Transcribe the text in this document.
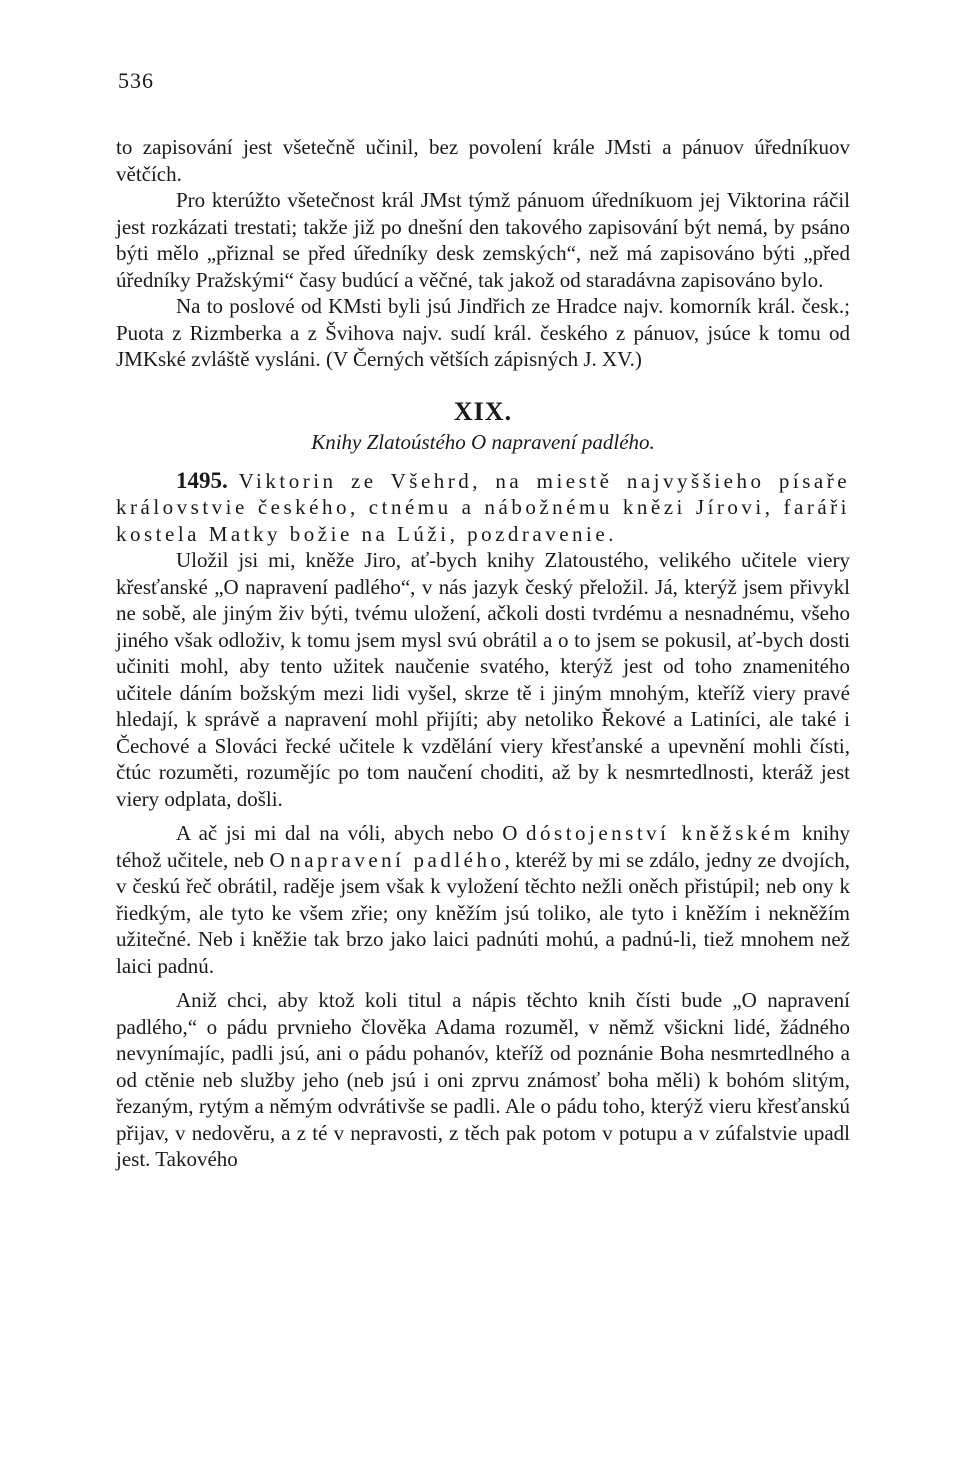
536

to zapisování jest všetečně učinil, bez povolení krále JMsti a pánuov úředníkuov větčích.

Pro kterúžto všetečnost král JMst týmž pánuom úředníkuom jej Viktorina ráčil jest rozkázati trestati; takže již po dnešní den takového zapisování být nemá, by psáno býti mělo „přiznal se před úředníky desk zemských“, než má zapisováno býti „před úředníky Pražskými“ časy budúcí a věčné, tak jakož od staradávna zapisováno bylo.

Na to poslové od KMsti byli jsú Jindřich ze Hradce najv. komorník král. česk.; Puota z Rizmberka a z Švihova najv. sudí král. českého z pánuov, jsúce k tomu od JMKské zvláště vysláni. (V Černých větších zápisných J. XV.)

XIX.
Knihy Zlatoústého O napravení padlého.

1495. Viktorin ze Všehrd, na miestě najvyššieho písaře královstvie českého, ctnému a nábožnému knězi Jírovi, faráři kostela Matky božie na Lúži, pozdravenie.

Uložil jsi mi, kněže Jiro, ať-bych knihy Zlatoustého, velikého učitele viery křesťanské „O napravení padlého“, v nás jazyk český přeložil. Já, kterýž jsem přivykl ne sobě, ale jiným živ býti, tvému uložení, ačkoli dosti tvrdému a nesnadnému, všeho jiného však odloživ, k tomu jsem mysl svú obrátil a o to jsem se pokusil, ať-bych dosti učiniti mohl, aby tento užitek naučenie svatého, kterýž jest od toho znamenitého učitele dáním božským mezi lidi vyšel, skrze tě i jiným mnohým, kteříž viery pravé hledají, k správě a napravení mohl přijíti; aby netoliko Řekové a Latiníci, ale také i Čechové a Slováci řecké učitele k vzdělání viery křesťanské a upevnění mohli čísti, čtúc rozuměti, rozumějíc po tom naučení choditi, až by k nesmrtedlnosti, kteráž jest viery odplata, došli.

A ač jsi mi dal na vóli, abych nebo O dóstojenství kněžském knihy téhož učitele, neb O napravení padlého, kteréž by mi se zdálo, jedny ze dvojích, v českú řeč obrátil, raděje jsem však k vyložení těchto nežli oněch přistúpil; neb ony k řiedkým, ale tyto ke všem zřie; ony kněžím jsú toliko, ale tyto i kněžím i nekněžím užitečné. Neb i kněžie tak brzo jako laici padnúti mohú, a padnú-li, tiež mnohem než laici padnú.

Aniž chci, aby ktož koli titul a nápis těchto knih čísti bude „O napravení padlého,“ o pádu prvnieho člověka Adama rozuměl, v němž všickni lidé, žádného nevynímajíc, padli jsú, ani o pádu pohanóv, kteříž od poznánie Boha nesmrtedlného a od ctěnie neb služby jeho (neb jsú i oni zprvu známosť boha měli) k bohóm slitým, řezaným, rytým a němým odvrátivše se padli. Ale o pádu toho, kterýž vieru křesťanskú přijav, v nedověru, a z té v nepravosti, z těch pak potom v potupu a v zúfalstvie upadl jest. Takového
